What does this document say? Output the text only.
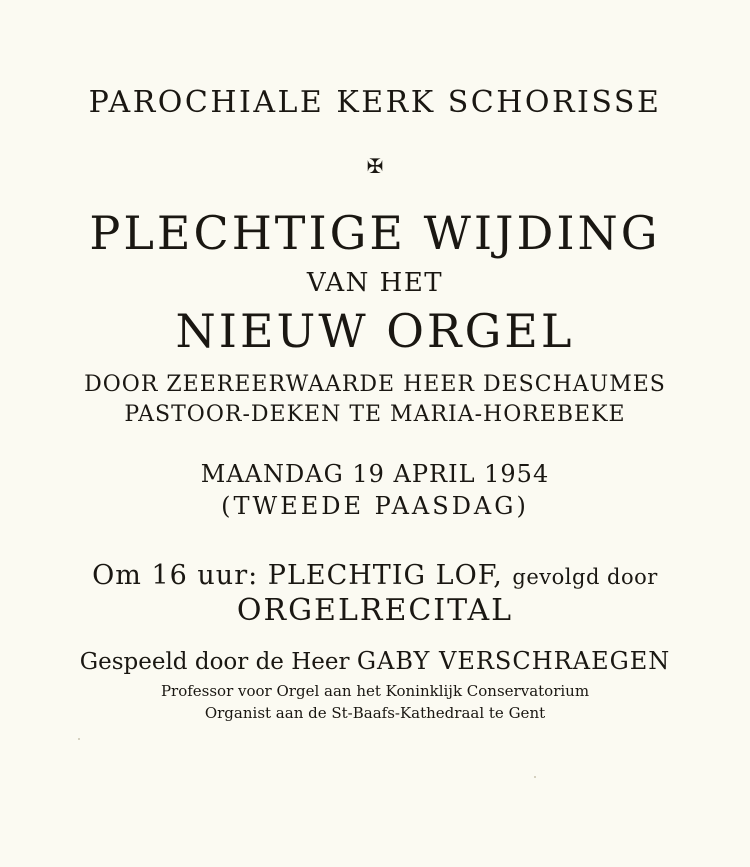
PAROCHIALE KERK SCHORISSE
✠
PLECHTIGE WIJDING
VAN HET
NIEUW ORGEL
DOOR ZEEREERWAARDE HEER DESCHAUMES
PASTOOR-DEKEN TE MARIA-HOREBEKE
MAANDAG 19 APRIL 1954
(TWEEDE PAASDAG)
Om 16 uur: PLECHTIG LOF, gevolgd door
ORGELRECITAL
Gespeeld door de Heer GABY VERSCHRAEGEN
Professor voor Orgel aan het Koninklijk Conservatorium
Organist aan de St-Baafs-Kathedraal te Gent
